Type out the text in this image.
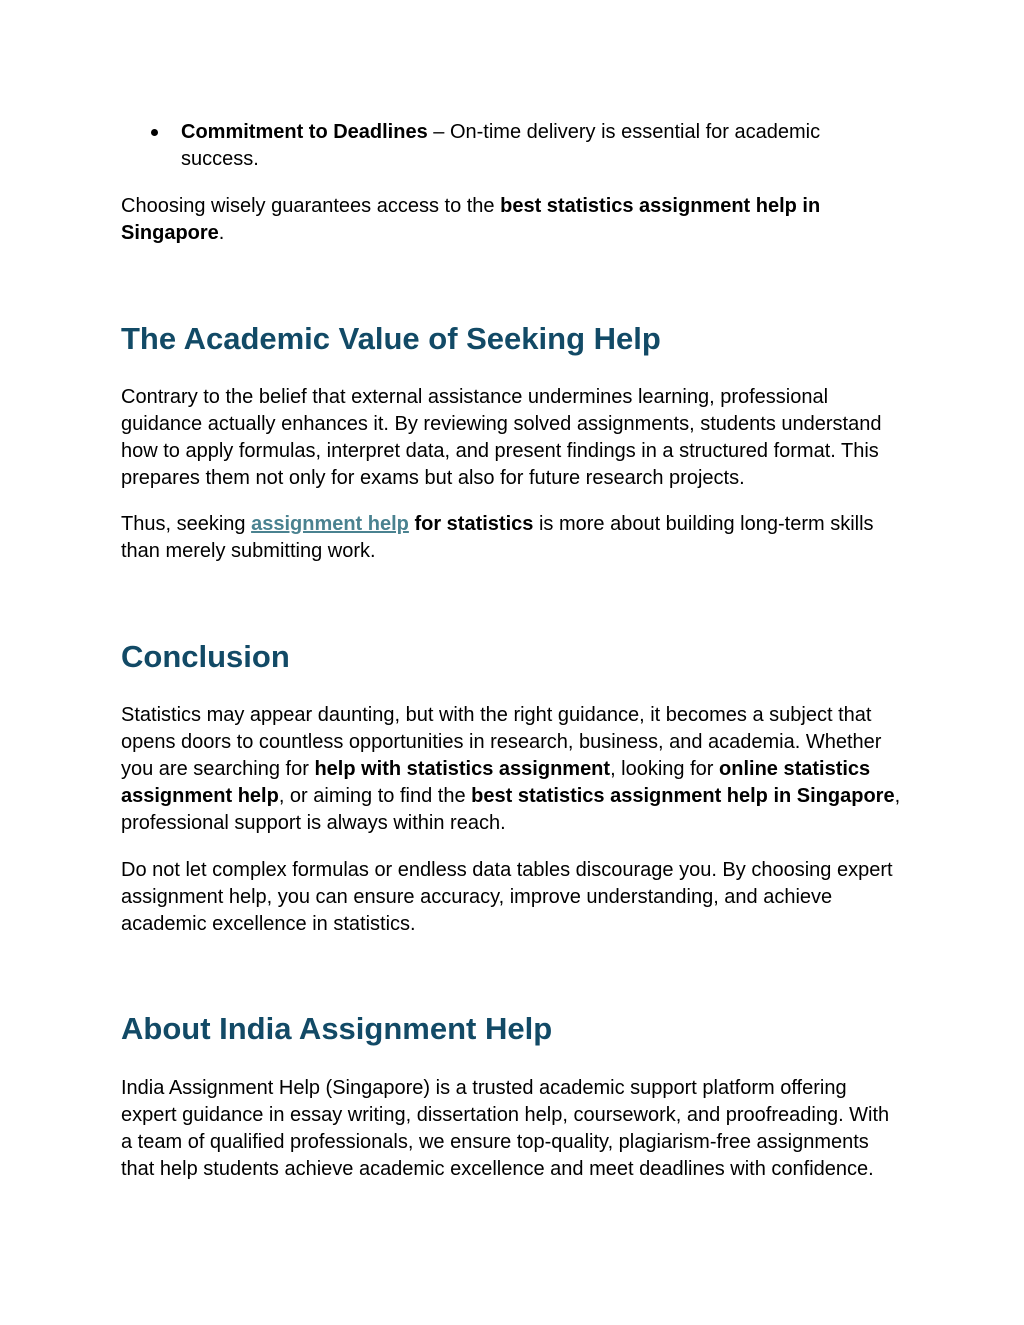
Commitment to Deadlines – On-time delivery is essential for academic
success.
Choosing wisely guarantees access to the best statistics assignment help in
Singapore.
The Academic Value of Seeking Help
Contrary to the belief that external assistance undermines learning, professional
guidance actually enhances it. By reviewing solved assignments, students understand
how to apply formulas, interpret data, and present findings in a structured format. This
prepares them not only for exams but also for future research projects.
Thus, seeking assignment help for statistics is more about building long-term skills
than merely submitting work.
Conclusion
Statistics may appear daunting, but with the right guidance, it becomes a subject that
opens doors to countless opportunities in research, business, and academia. Whether
you are searching for help with statistics assignment, looking for online statistics
assignment help, or aiming to find the best statistics assignment help in Singapore,
professional support is always within reach.
Do not let complex formulas or endless data tables discourage you. By choosing expert
assignment help, you can ensure accuracy, improve understanding, and achieve
academic excellence in statistics.
About India Assignment Help
India Assignment Help (Singapore) is a trusted academic support platform offering
expert guidance in essay writing, dissertation help, coursework, and proofreading. With
a team of qualified professionals, we ensure top-quality, plagiarism-free assignments
that help students achieve academic excellence and meet deadlines with confidence.
